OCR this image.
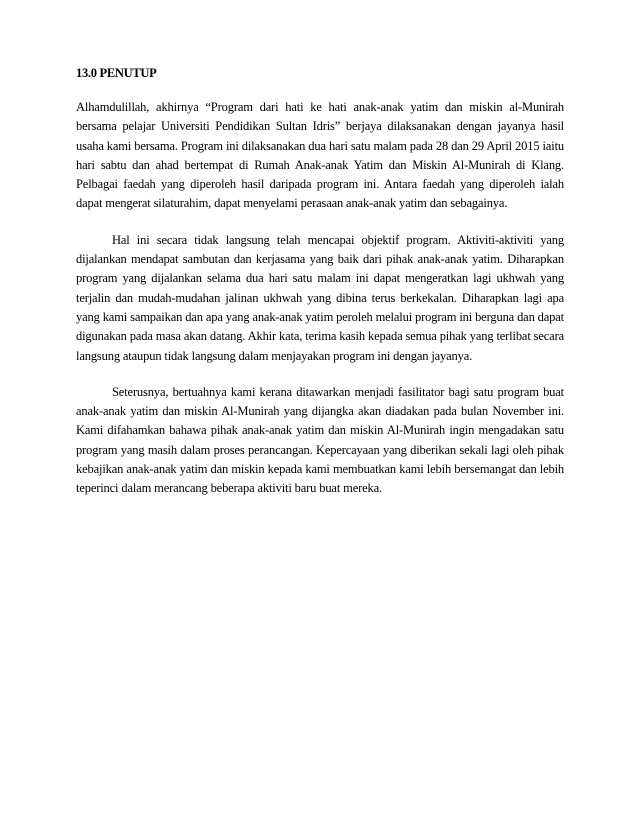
13.0 PENUTUP

Alhamdulillah, akhirnya “Program dari hati ke hati anak-anak yatim dan miskin al-Munirah bersama pelajar Universiti Pendidikan Sultan Idris” berjaya dilaksanakan dengan jayanya hasil usaha kami bersama. Program ini dilaksanakan dua hari satu malam pada 28 dan 29 April 2015 iaitu hari sabtu dan ahad bertempat di Rumah Anak-anak Yatim dan Miskin Al-Munirah di Klang. Pelbagai faedah yang diperoleh hasil daripada program ini. Antara faedah yang diperoleh ialah dapat mengerat silaturahim, dapat menyelami perasaan anak-anak yatim dan sebagainya.

Hal ini secara tidak langsung telah mencapai objektif program. Aktiviti-aktiviti yang dijalankan mendapat sambutan dan kerjasama yang baik dari pihak anak-anak yatim. Diharapkan program yang dijalankan selama dua hari satu malam ini dapat mengeratkan lagi ukhwah yang terjalin dan mudah-mudahan jalinan ukhwah yang dibina terus berkekalan. Diharapkan lagi apa yang kami sampaikan dan apa yang anak-anak yatim peroleh melalui program ini berguna dan dapat digunakan pada masa akan datang. Akhir kata, terima kasih kepada semua pihak yang terlibat secara langsung ataupun tidak langsung dalam menjayakan program ini dengan jayanya.

Seterusnya, bertuahnya kami kerana ditawarkan menjadi fasilitator bagi satu program buat anak-anak yatim dan miskin Al-Munirah yang dijangka akan diadakan pada bulan November ini. Kami difahamkan bahawa pihak anak-anak yatim dan miskin Al-Munirah ingin mengadakan satu program yang masih dalam proses perancangan. Kepercayaan yang diberikan sekali lagi oleh pihak kebajikan anak-anak yatim dan miskin kepada kami membuatkan kami lebih bersemangat dan lebih teperinci dalam merancang beberapa aktiviti baru buat mereka.
